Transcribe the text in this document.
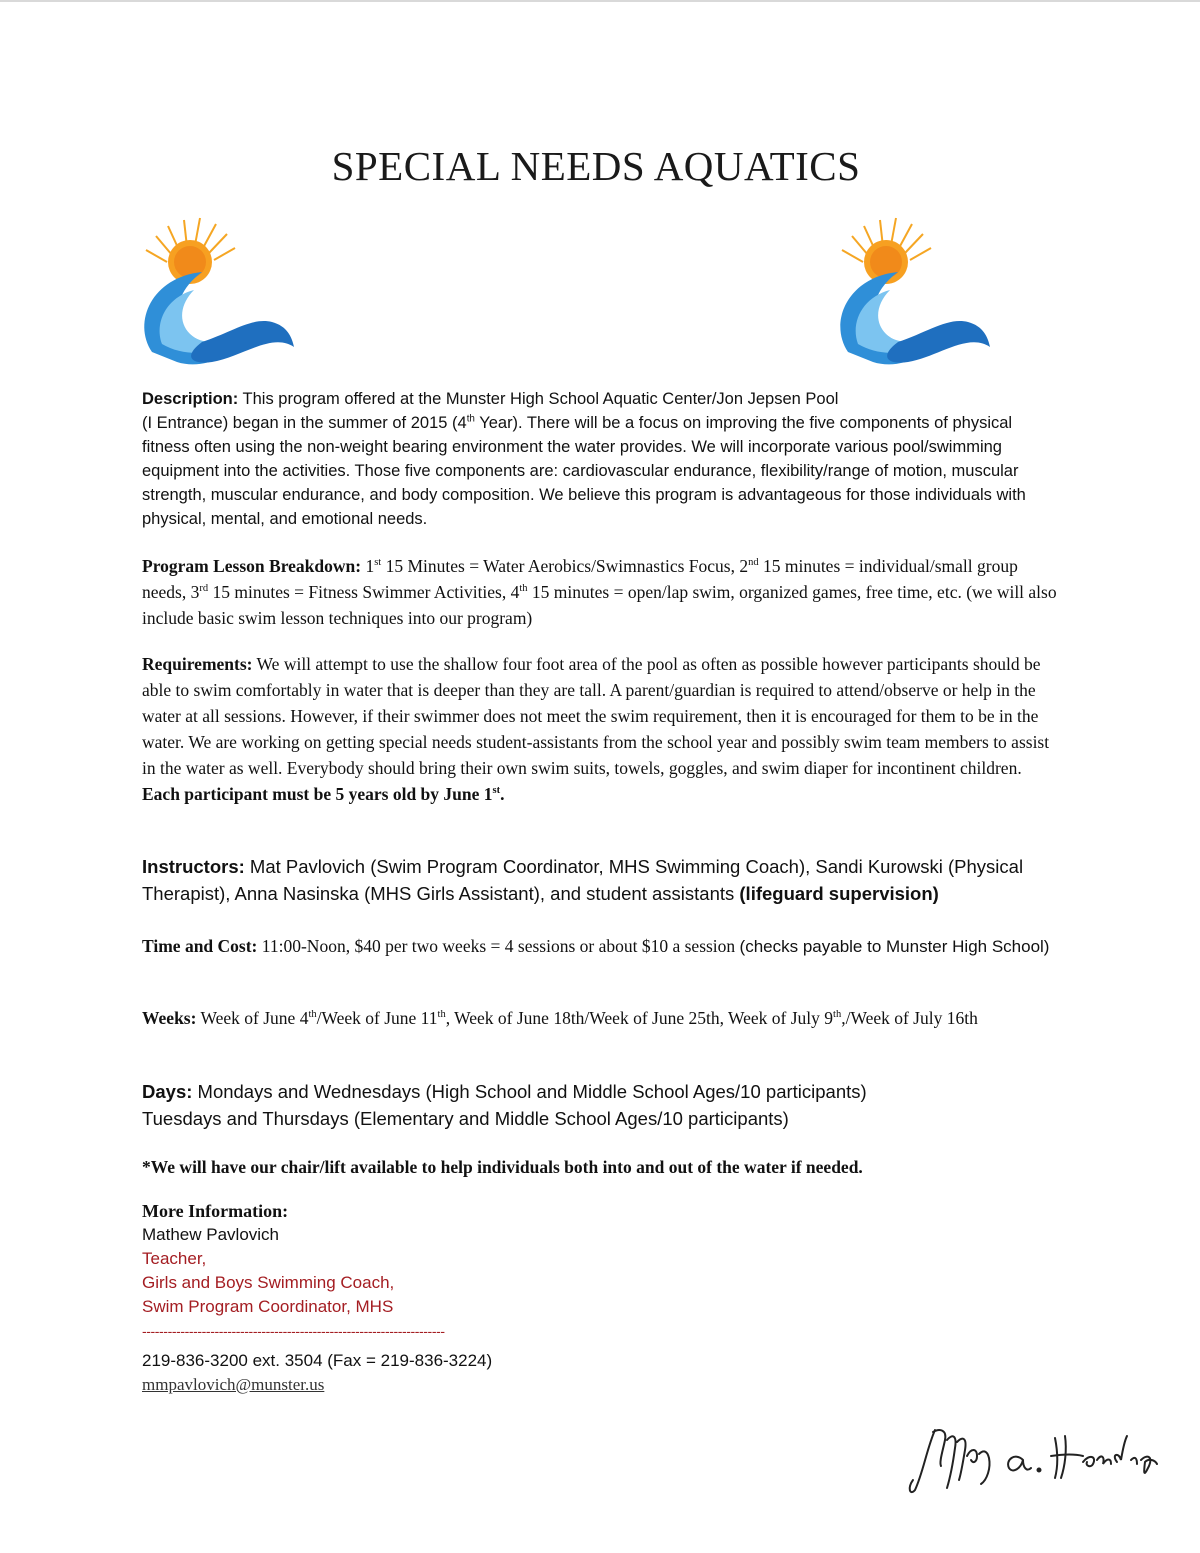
SPECIAL NEEDS AQUATICS

Description: This program offered at the Munster High School Aquatic Center/Jon Jepsen Pool
(I Entrance) began in the summer of 2015 (4th Year). There will be a focus on improving the five components of physical fitness often using the non-weight bearing environment the water provides. We will incorporate various pool/swimming equipment into the activities. Those five components are: cardiovascular endurance, flexibility/range of motion, muscular strength, muscular endurance, and body composition. We believe this program is advantageous for those individuals with physical, mental, and emotional needs.

Program Lesson Breakdown: 1st 15 Minutes = Water Aerobics/Swimnastics Focus, 2nd 15 minutes = individual/small group needs, 3rd 15 minutes = Fitness Swimmer Activities, 4th 15 minutes = open/lap swim, organized games, free time, etc. (we will also include basic swim lesson techniques into our program)

Requirements: We will attempt to use the shallow four foot area of the pool as often as possible however participants should be able to swim comfortably in water that is deeper than they are tall. A parent/guardian is required to attend/observe or help in the water at all sessions. However, if their swimmer does not meet the swim requirement, then it is encouraged for them to be in the water. We are working on getting special needs student-assistants from the school year and possibly swim team members to assist in the water as well. Everybody should bring their own swim suits, towels, goggles, and swim diaper for incontinent children. Each participant must be 5 years old by June 1st.

Instructors: Mat Pavlovich (Swim Program Coordinator, MHS Swimming Coach), Sandi Kurowski (Physical Therapist), Anna Nasinska (MHS Girls Assistant), and student assistants (lifeguard supervision)

Time and Cost: 11:00-Noon, $40 per two weeks = 4 sessions or about $10 a session (checks payable to Munster High School)

Weeks: Week of June 4th/Week of June 11th, Week of June 18th/Week of June 25th, Week of July 9th,/Week of July 16th

Days: Mondays and Wednesdays (High School and Middle School Ages/10 participants)
Tuesdays and Thursdays (Elementary and Middle School Ages/10 participants)

*We will have our chair/lift available to help individuals both into and out of the water if needed.

More Information:
Mathew Pavlovich
Teacher,
Girls and Boys Swimming Coach,
Swim Program Coordinator, MHS
-----------------------------------------------------------------------
219-836-3200 ext. 3504 (Fax = 219-836-3224)
mmpavlovich@munster.us
